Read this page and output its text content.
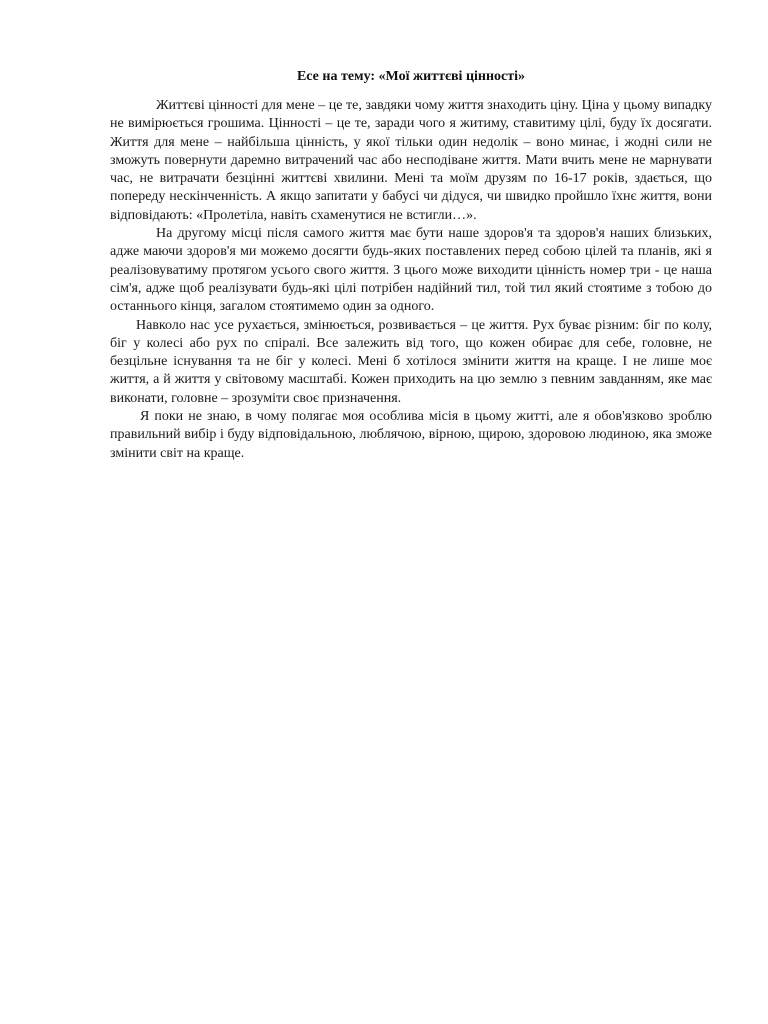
Есе на тему: «Мої життєві цінності»

Життєві цінності для мене – це те, завдяки чому життя знаходить ціну. Ціна у цьому випадку не вимірюється грошима. Цінності – це те, заради чого я житиму, ставитиму цілі, буду їх досягати. Життя для мене – найбільша цінність, у якої тільки один недолік – воно минає, і жодні сили не зможуть повернути даремно витрачений час або несподіване життя. Мати вчить мене не марнувати час, не витрачати безцінні життєві хвилини. Мені та моїм друзям по 16-17 років, здається, що попереду нескінченність. А якщо запитати у бабусі чи дідуся, чи швидко пройшло їхнє життя, вони відповідають: «Пролетіла, навіть схаменутися не встигли…».

На другому місці після самого життя має бути наше здоров'я та здоров'я наших близьких, адже маючи здоров'я ми можемо досягти будь-яких поставлених перед собою цілей та планів, які я реалізовуватиму протягом усього свого життя. З цього може виходити цінність номер три - це наша сім'я, адже щоб реалізувати будь-які цілі потрібен надійний тил, той тил який стоятиме з тобою до останнього кінця, загалом стоятимемо один за одного.

Навколо нас усе рухається, змінюється, розвивається – це життя. Рух буває різним: біг по колу, біг у колесі або рух по спіралі. Все залежить від того, що кожен обирає для себе, головне, не безцільне існування та не біг у колесі. Мені б хотілося змінити життя на краще. І не лише моє життя, а й життя у світовому масштабі. Кожен приходить на цю землю з певним завданням, яке має виконати, головне – зрозуміти своє призначення.

Я поки не знаю, в чому полягає моя особлива місія в цьому житті, але я обов'язково зроблю правильний вибір і буду відповідальною, люблячою, вірною, щирою, здоровою людиною, яка зможе змінити світ на краще.
